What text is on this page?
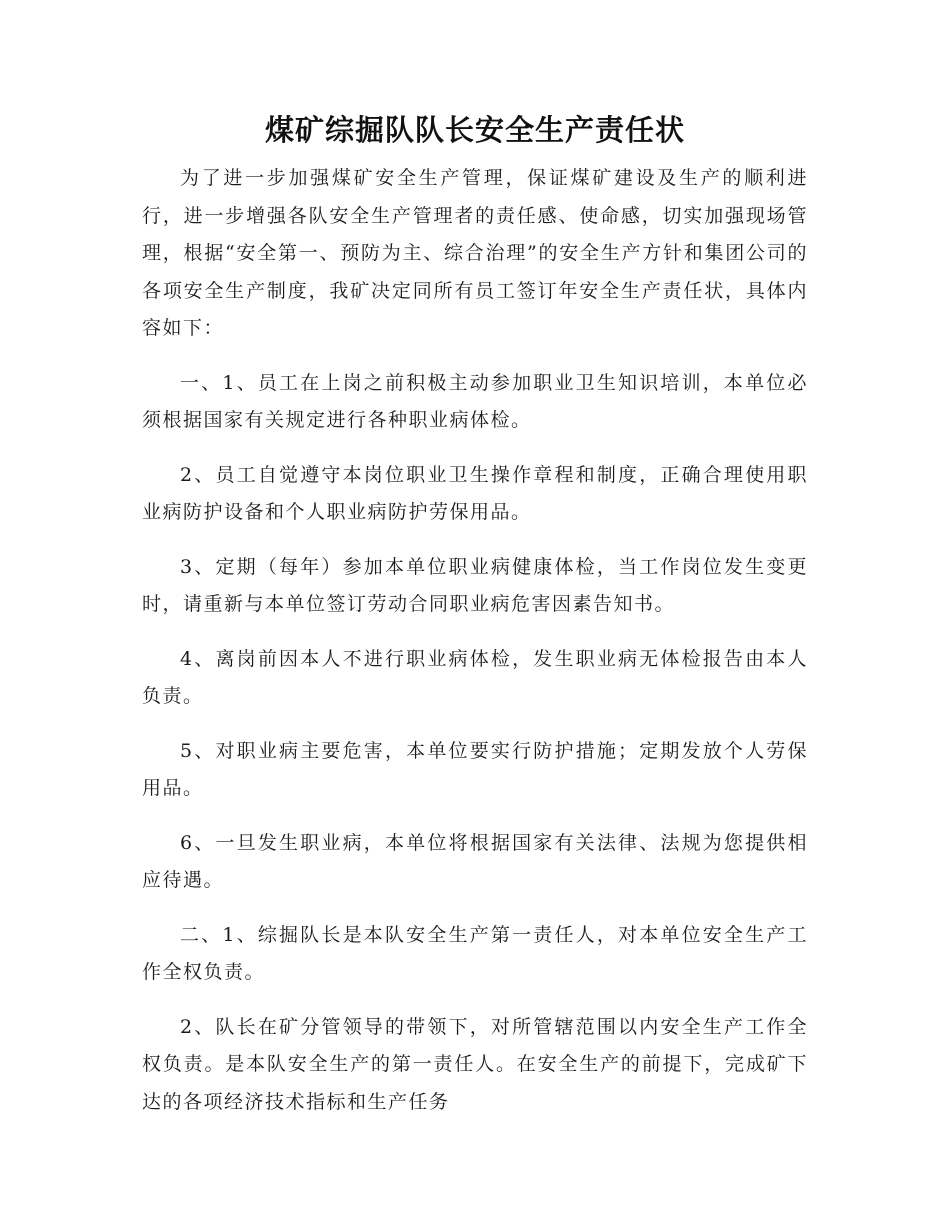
煤矿综掘队队长安全生产责任状

为了进一步加强煤矿安全生产管理，保证煤矿建设及生产的顺利进行，进一步增强各队安全生产管理者的责任感、使命感，切实加强现场管理，根据“安全第一、预防为主、综合治理”的安全生产方针和集团公司的各项安全生产制度，我矿决定同所有员工签订年安全生产责任状，具体内容如下：

一、1、员工在上岗之前积极主动参加职业卫生知识培训，本单位必须根据国家有关规定进行各种职业病体检。

2、员工自觉遵守本岗位职业卫生操作章程和制度，正确合理使用职业病防护设备和个人职业病防护劳保用品。

3、定期（每年）参加本单位职业病健康体检，当工作岗位发生变更时，请重新与本单位签订劳动合同职业病危害因素告知书。

4、离岗前因本人不进行职业病体检，发生职业病无体检报告由本人负责。

5、对职业病主要危害，本单位要实行防护措施；定期发放个人劳保用品。

6、一旦发生职业病，本单位将根据国家有关法律、法规为您提供相应待遇。

二、1、综掘队长是本队安全生产第一责任人，对本单位安全生产工作全权负责。

2、队长在矿分管领导的带领下，对所管辖范围以内安全生产工作全权负责。是本队安全生产的第一责任人。在安全生产的前提下，完成矿下达的各项经济技术指标和生产任务
